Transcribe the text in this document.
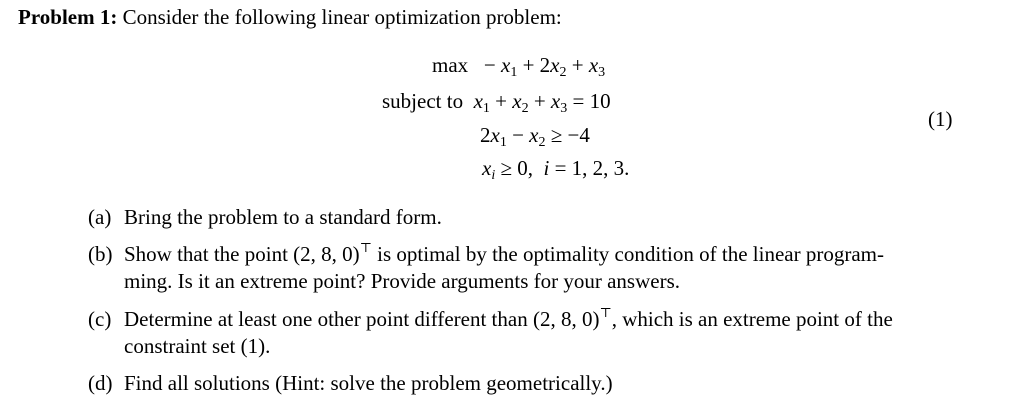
Problem 1: Consider the following linear optimization problem:
$\max - x_1 + 2x_2 + x_3$
subject to $x_1 + x_2 + x_3 = 10$
$2x_1 - x_2 \ge -4$
$x_i \ge 0$,  i = 1, 2, 3.
(1)
(a) Bring the problem to a standard form.
(b) Show that the point (2, 8, 0)⊤ is optimal by the optimality condition of the linear program-
ming. Is it an extreme point? Provide arguments for your answers.
(c) Determine at least one other point different than (2, 8, 0)⊤, which is an extreme point of the
constraint set (1).
(d) Find all solutions (Hint: solve the problem geometrically.)
